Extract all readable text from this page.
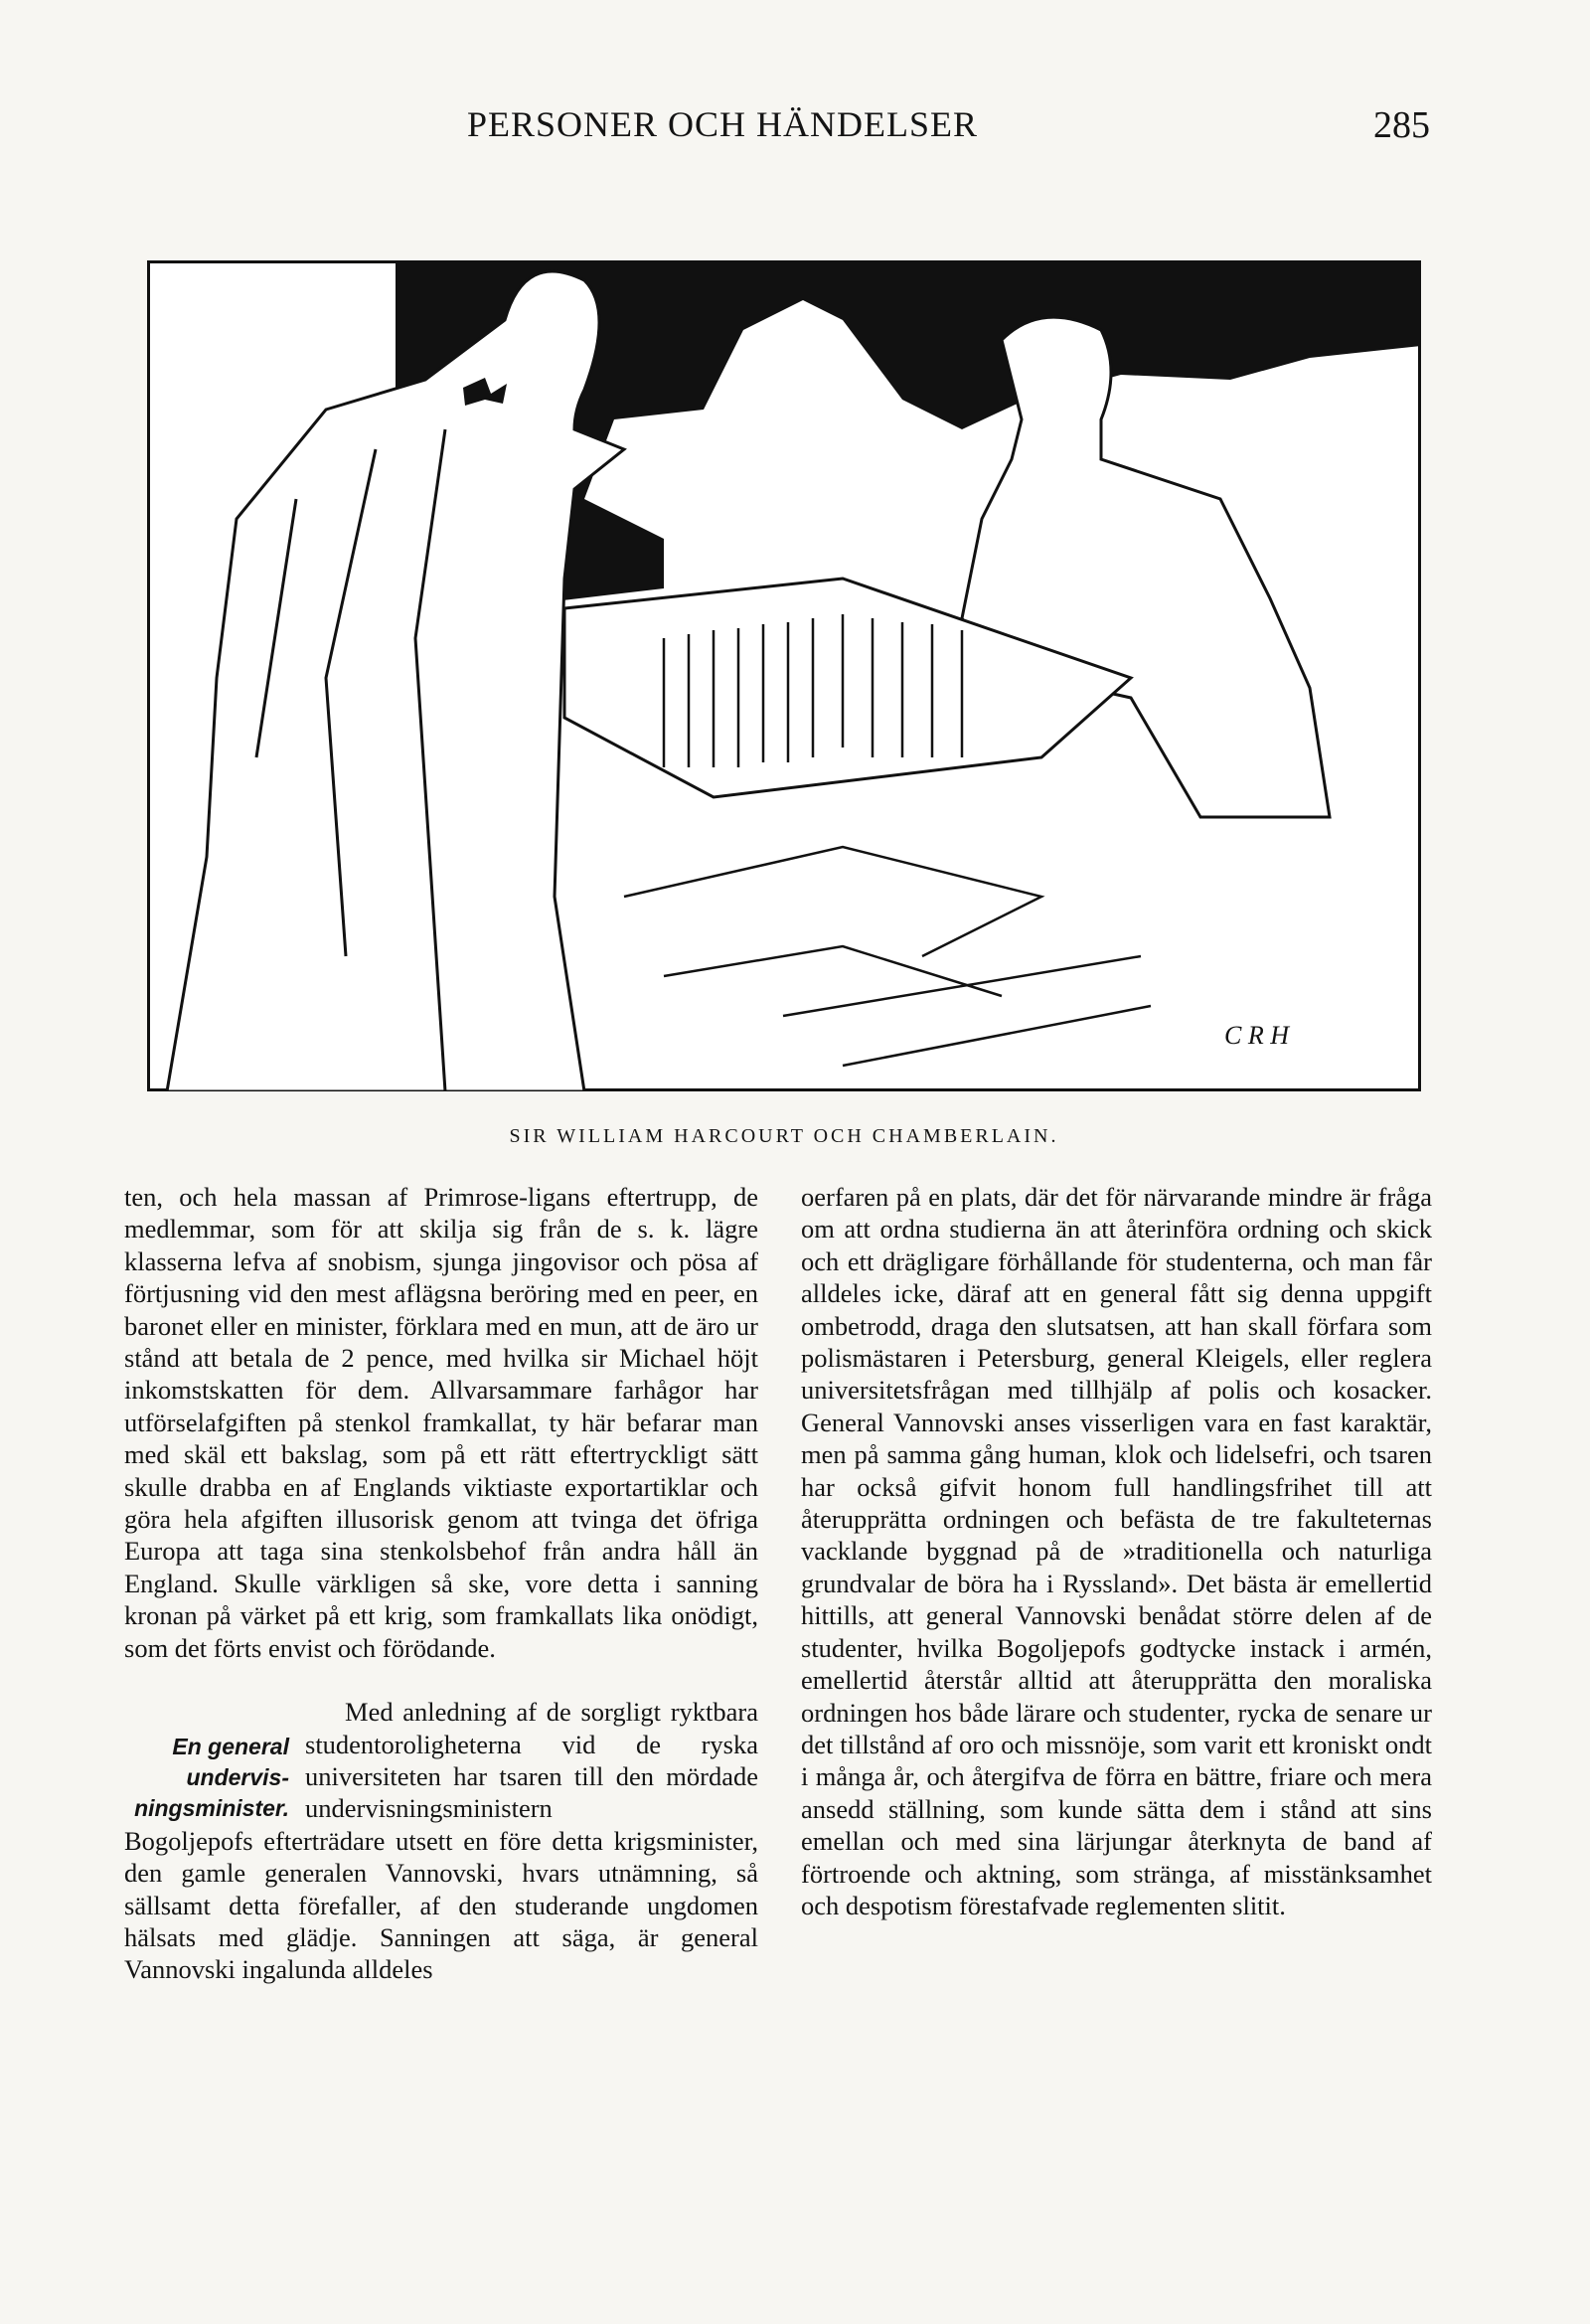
PERSONER OCH HÄNDELSER	285
C R H
SIR WILLIAM HARCOURT OCH CHAMBERLAIN.

ten, och hela massan af Primrose-ligans eftertrupp, de medlemmar, som för att skilja sig från de s. k. lägre klasserna lefva af snobism, sjunga jingovisor och pösa af förtjusning vid den mest aflägsna beröring med en peer, en baronet eller en minister, förklara med en mun, att de äro ur stånd att betala de 2 pence, med hvilka sir Michael höjt inkomstskatten för dem. Allvarsammare farhågor har utförselafgiften på stenkol framkallat, ty här befarar man med skäl ett bakslag, som på ett rätt eftertryckligt sätt skulle drabba en af Englands viktiaste exportartiklar och göra hela afgiften illusorisk genom att tvinga det öfriga Europa att taga sina stenkolsbehof från andra håll än England. Skulle värkligen så ske, vore detta i sanning kronan på värket på ett krig, som framkallats lika onödigt, som det förts envist och förödande.

En general
undervis-
ningsminister.

Med anledning af de sorgligt ryktbara studentoroligheterna vid de ryska universiteten har tsaren till den mördade undervisningsministern

Bogoljepofs efterträdare utsett en före detta krigsminister, den gamle generalen Vannovski, hvars utnämning, så sällsamt detta förefaller, af den studerande ungdomen hälsats med glädje. Sanningen att säga, är general Vannovski ingalunda alldeles

oerfaren på en plats, där det för närvarande mindre är fråga om att ordna studierna än att återinföra ordning och skick och ett drägligare förhållande för studenterna, och man får alldeles icke, däraf att en general fått sig denna uppgift ombetrodd, draga den slutsatsen, att han skall förfara som polismästaren i Petersburg, general Kleigels, eller reglera universitetsfrågan med tillhjälp af polis och kosacker. General Vannovski anses visserligen vara en fast karaktär, men på samma gång human, klok och lidelsefri, och tsaren har också gifvit honom full handlingsfrihet till att återupprätta ordningen och befästa de tre fakulteternas vacklande byggnad på de »traditionella och naturliga grundvalar de böra ha i Ryssland». Det bästa är emellertid hittills, att general Vannovski benådat större delen af de studenter, hvilka Bogoljepofs godtycke instack i armén, emellertid återstår alltid att återupprätta den moraliska ordningen hos både lärare och studenter, rycka de senare ur det tillstånd af oro och missnöje, som varit ett kroniskt ondt i många år, och återgifva de förra en bättre, friare och mera ansedd ställning, som kunde sätta dem i stånd att sins emellan och med sina lärjungar återknyta de band af förtroende och aktning, som stränga, af misstänksamhet och despotism förestafvade reglementen slitit.
